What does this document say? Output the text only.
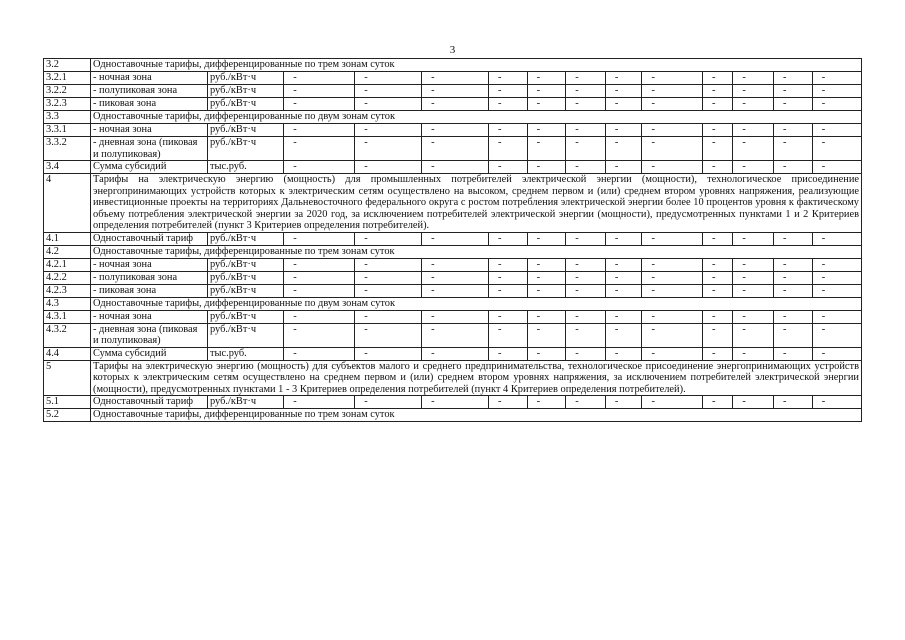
3
3.2	Одноставочные тарифы, дифференцированные по трем зонам суток													
3.2.1	- ночная зона	руб./кВт·ч	-	-	-	-	-	-	-	-	-	-	-	-
3.2.2	- полупиковая зона	руб./кВт·ч	-	-	-	-	-	-	-	-	-	-	-	-
3.2.3	- пиковая зона	руб./кВт·ч	-	-	-	-	-	-	-	-	-	-	-	-
3.3	Одноставочные тарифы, дифференцированные по двум зонам суток													
3.3.1	- ночная зона	руб./кВт·ч	-	-	-	-	-	-	-	-	-	-	-	-
3.3.2	- дневная зона (пиковая и полупиковая)	руб./кВт·ч	-	-	-	-	-	-	-	-	-	-	-	-
3.4	Сумма субсидий	тыс.руб.	-	-	-	-	-	-	-	-	-	-	-	-
4	Тарифы на электрическую энергию (мощность) для промышленных потребителей электрической энергии (мощности), технологическое присоединение энергопринимающих устройств которых к электрическим сетям осуществлено на высоком, среднем первом и (или) среднем втором уровнях напряжения, реализующие инвестиционные проекты на территориях Дальневосточного федерального округа с ростом потребления электрической энергии более 10 процентов уровня к фактическому объему потребления электрической энергии за 2020 год, за исключением потребителей электрической энергии (мощности), предусмотренных пунктами 1 и 2 Критериев определения потребителей (пункт 3 Критериев определения потребителей).													
4.1	Одноставочный тариф	руб./кВт·ч	-	-	-	-	-	-	-	-	-	-	-	-
4.2	Одноставочные тарифы, дифференцированные по трем зонам суток													
4.2.1	- ночная зона	руб./кВт·ч	-	-	-	-	-	-	-	-	-	-	-	-
4.2.2	- полупиковая зона	руб./кВт·ч	-	-	-	-	-	-	-	-	-	-	-	-
4.2.3	- пиковая зона	руб./кВт·ч	-	-	-	-	-	-	-	-	-	-	-	-
4.3	Одноставочные тарифы, дифференцированные по двум зонам суток													
4.3.1	- ночная зона	руб./кВт·ч	-	-	-	-	-	-	-	-	-	-	-	-
4.3.2	- дневная зона (пиковая и полупиковая)	руб./кВт·ч	-	-	-	-	-	-	-	-	-	-	-	-
4.4	Сумма субсидий	тыс.руб.	-	-	-	-	-	-	-	-	-	-	-	-
5	Тарифы на электрическую энергию (мощность) для субъектов малого и среднего предпринимательства, технологическое присоединение энергопринимающих устройств которых к электрическим сетям осуществлено на среднем первом и (или) среднем втором уровнях напряжения, за исключением потребителей электрической энергии (мощности), предусмотренных пунктами 1 - 3 Критериев определения потребителей (пункт 4 Критериев определения потребителей).													
5.1	Одноставочный тариф	руб./кВт·ч	-	-	-	-	-	-	-	-	-	-	-	-
5.2	Одноставочные тарифы, дифференцированные по трем зонам суток													
